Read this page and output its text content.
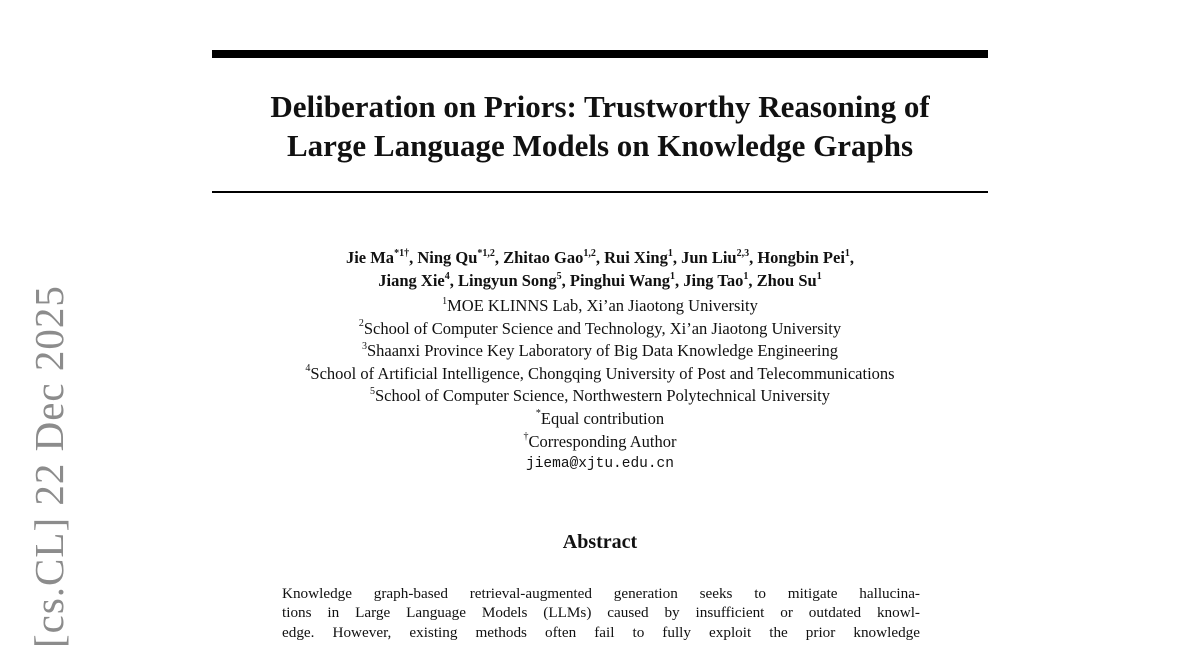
Deliberation on Priors: Trustworthy Reasoning of
Large Language Models on Knowledge Graphs
Jie $Ma^{*1\dagger}$, Ning Qu$^{*1,2}$, Zhitao Gao$^{1,2}$, Rui Xing$^1$, Jun Liu$^{2,3}$, Hongbin Pei$^1$,
Jiang Xie$^4$, Lingyun Song$^5$, Pinghui Wang$^1$, Jing Tao$^1$, Zhou Su$^1$
$^1$MOE KLINNS Lab, Xi’an Jiaotong University
$^2$School of Computer Science and Technology, Xi’an Jiaotong University
$^3$Shaanxi Province Key Laboratory of Big Data Knowledge Engineering
$^4$School of Artificial Intelligence, Chongqing University of Post and Telecommunications
$^5$School of Computer Science, Northwestern Polytechnical University
*Equal contribution
†Corresponding Author
jiema@xjtu.edu.cn
Abstract
Knowledge graph-based retrieval-augmented generation seeks to mitigate hallucina-
tions in Large Language Models (LLMs) caused by insufficient or outdated knowl-
edge. However, existing methods often fail to fully exploit the prior knowledge
[cs.CL] 22 Dec 2025
